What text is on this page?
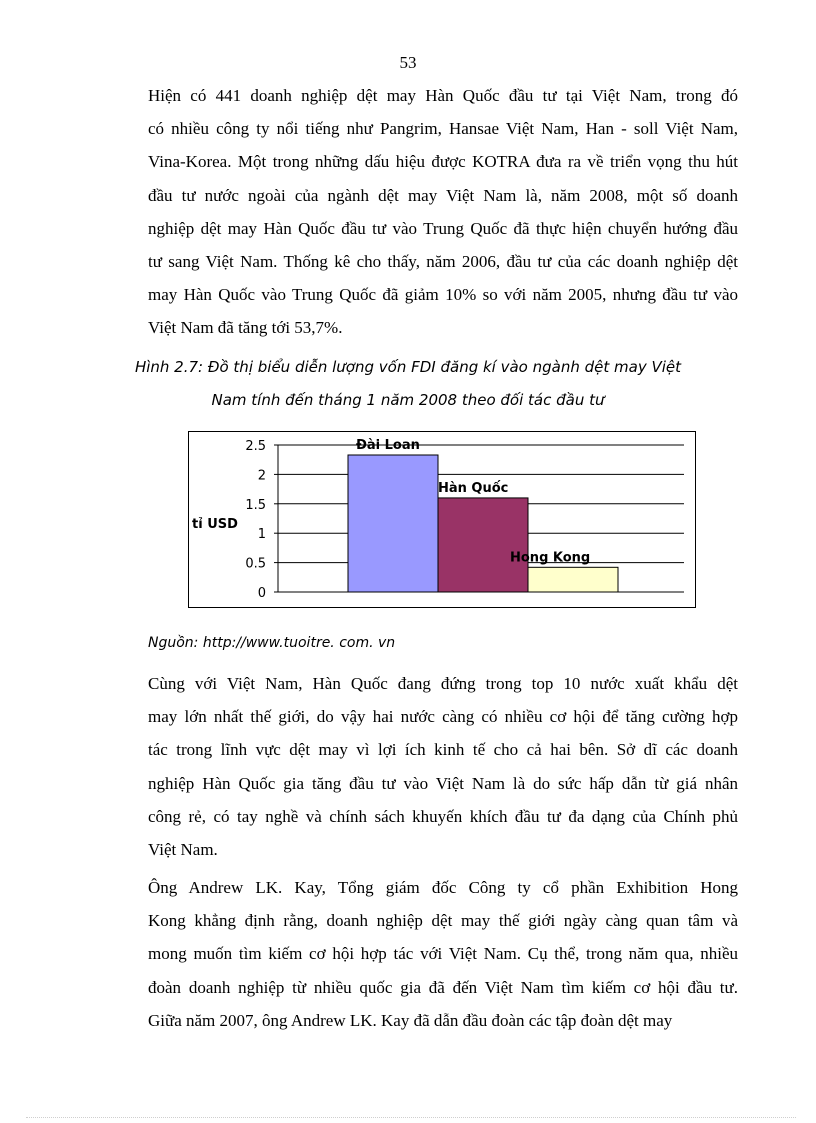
53
Hiện có 441 doanh nghiệp dệt may Hàn Quốc đầu tư tại Việt Nam, trong đó
có nhiều công ty nổi tiếng như Pangrim, Hansae Việt Nam, Han - soll Việt Nam,
Vina-Korea. Một trong những dấu hiệu được KOTRA đưa ra về triển vọng thu hút
đầu tư nước ngoài của ngành dệt may Việt Nam là, năm 2008, một số doanh
nghiệp dệt may Hàn Quốc đầu tư vào Trung Quốc đã thực hiện chuyển hướng đầu
tư sang Việt Nam. Thống kê cho thấy, năm 2006, đầu tư của các doanh nghiệp dệt
may Hàn Quốc vào Trung Quốc đã giảm 10% so với năm 2005, nhưng đầu tư vào
Việt Nam đã tăng tới 53,7%.
Hình 2.7: Đồ thị biểu diễn lượng vốn FDI đăng kí vào ngành dệt may Việt
Nam tính đến tháng 1 năm 2008 theo đối tác đầu tư
2.5
2
1.5
1
0.5
0
Đài Loan
Hàn Quốc
Hong Kong
tỉ USD
Nguồn: http://www.tuoitre. com. vn
Cùng với Việt Nam, Hàn Quốc đang đứng trong top 10 nước xuất khẩu dệt
may lớn nhất thế giới, do vậy hai nước càng có nhiều cơ hội để tăng cường hợp
tác trong lĩnh vực dệt may vì lợi ích kinh tế cho cả hai bên. Sở dĩ các doanh
nghiệp Hàn Quốc gia tăng đầu tư vào Việt Nam là do sức hấp dẫn từ giá nhân
công rẻ, có tay nghề và chính sách khuyến khích đầu tư đa dạng của Chính phủ
Việt Nam.
Ông Andrew LK. Kay, Tổng giám đốc Công ty cổ phần Exhibition Hong
Kong khẳng định rằng, doanh nghiệp dệt may thế giới ngày càng quan tâm và
mong muốn tìm kiếm cơ hội hợp tác với Việt Nam. Cụ thể, trong năm qua, nhiều
đoàn doanh nghiệp từ nhiều quốc gia đã đến Việt Nam tìm kiếm cơ hội đầu tư.
Giữa năm 2007, ông Andrew LK. Kay đã dẫn đầu đoàn các tập đoàn dệt may
